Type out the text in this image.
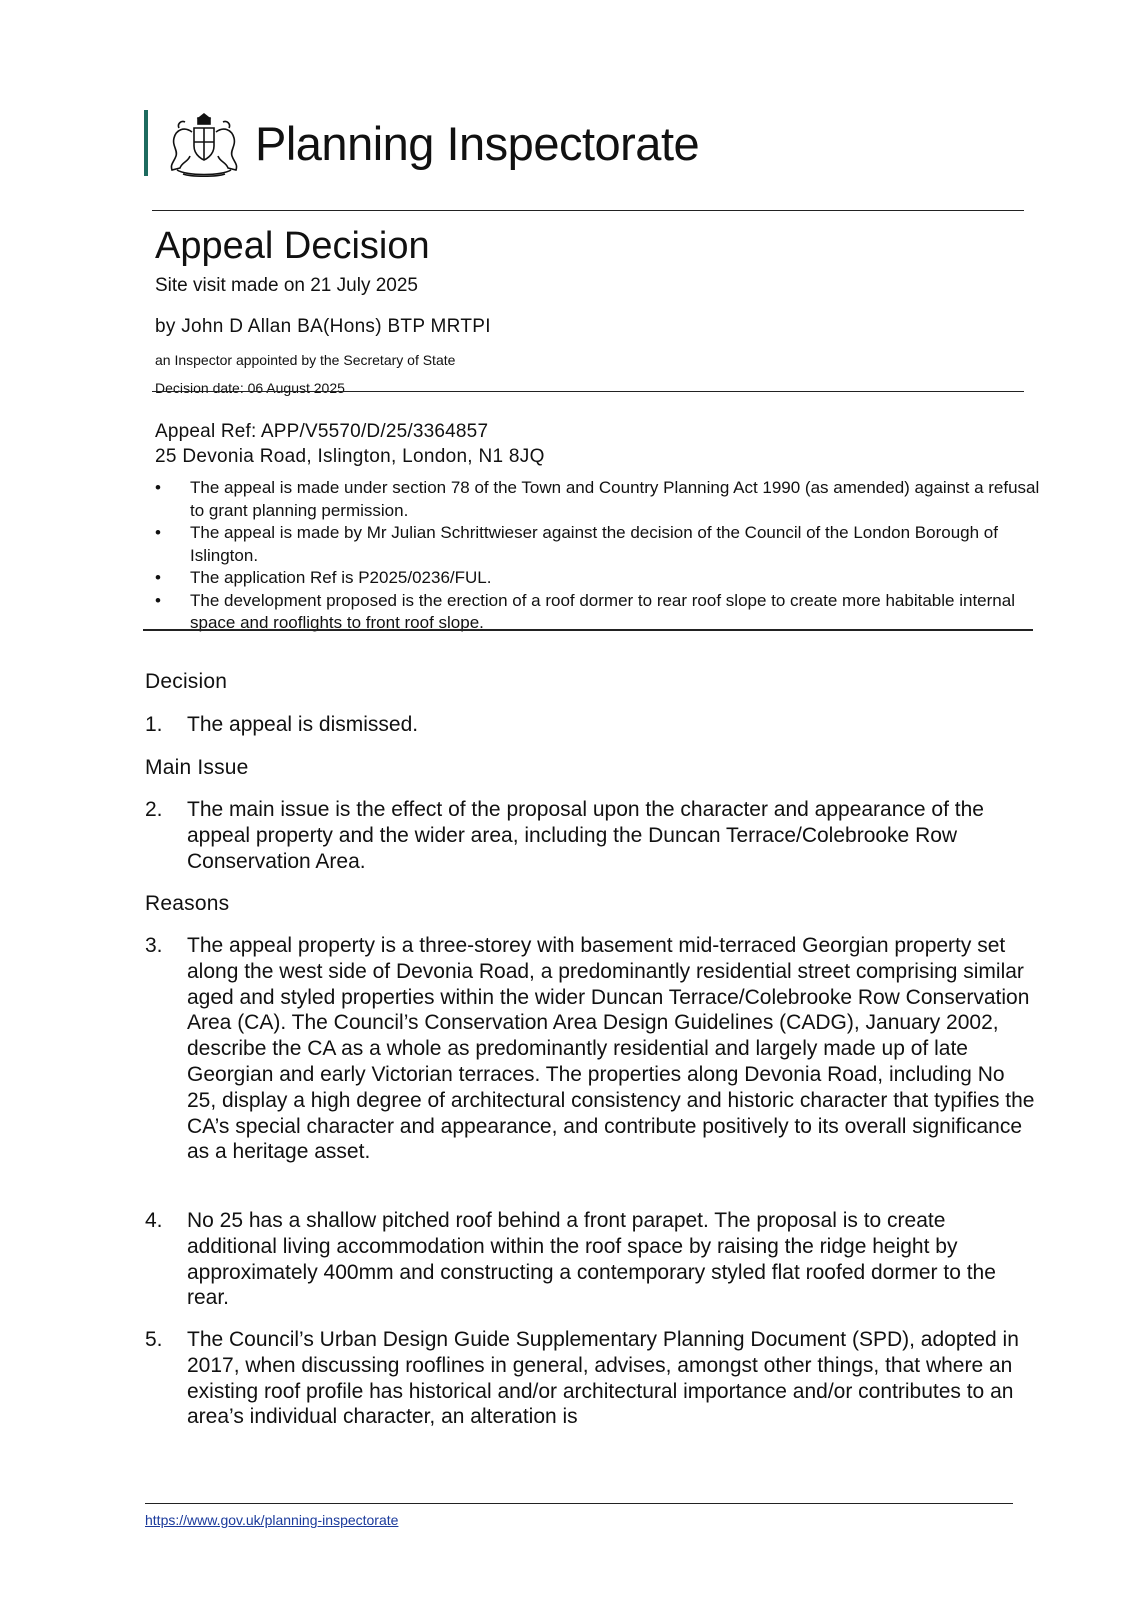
Planning Inspectorate
Appeal Decision
Site visit made on 21 July 2025
by John D Allan BA(Hons) BTP MRTPI
an Inspector appointed by the Secretary of State
Decision date: 06 August 2025
Appeal Ref: APP/V5570/D/25/3364857
25 Devonia Road, Islington, London, N1 8JQ
• The appeal is made under section 78 of the Town and Country Planning Act 1990 (as amended) against a refusal to grant planning permission.
• The appeal is made by Mr Julian Schrittwieser against the decision of the Council of the London Borough of Islington.
• The application Ref is P2025/0236/FUL.
• The development proposed is the erection of a roof dormer to rear roof slope to create more habitable internal space and rooflights to front roof slope.
Decision
1. The appeal is dismissed.
Main Issue
2. The main issue is the effect of the proposal upon the character and appearance of the appeal property and the wider area, including the Duncan Terrace/Colebrooke Row Conservation Area.
Reasons
3. The appeal property is a three-storey with basement mid-terraced Georgian property set along the west side of Devonia Road, a predominantly residential street comprising similar aged and styled properties within the wider Duncan Terrace/Colebrooke Row Conservation Area (CA). The Council’s Conservation Area Design Guidelines (CADG), January 2002, describe the CA as a whole as predominantly residential and largely made up of late Georgian and early Victorian terraces. The properties along Devonia Road, including No 25, display a high degree of architectural consistency and historic character that typifies the CA’s special character and appearance, and contribute positively to its overall significance as a heritage asset.
4. No 25 has a shallow pitched roof behind a front parapet. The proposal is to create additional living accommodation within the roof space by raising the ridge height by approximately 400mm and constructing a contemporary styled flat roofed dormer to the rear.
5. The Council’s Urban Design Guide Supplementary Planning Document (SPD), adopted in 2017, when discussing rooflines in general, advises, amongst other things, that where an existing roof profile has historical and/or architectural importance and/or contributes to an area’s individual character, an alteration is
https://www.gov.uk/planning-inspectorate
